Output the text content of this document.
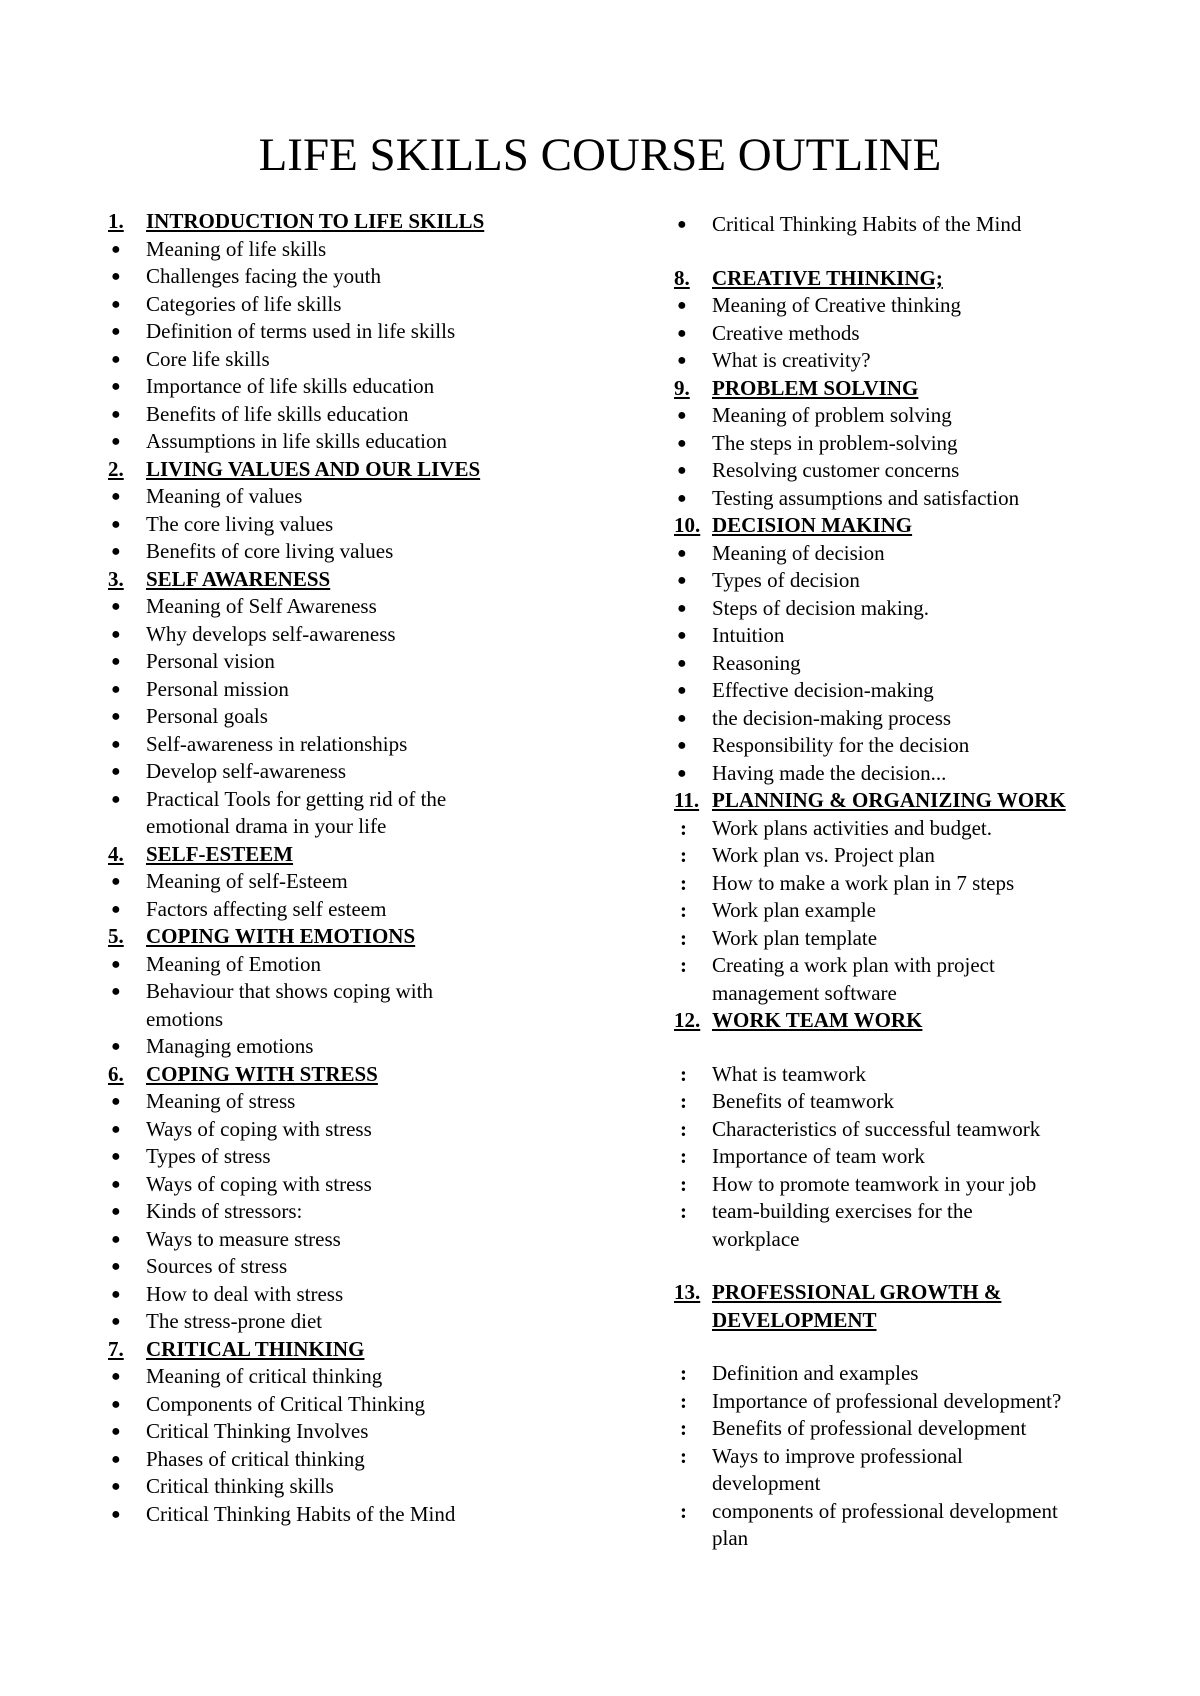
LIFE SKILLS COURSE OUTLINE
1. INTRODUCTION TO LIFE SKILLS
● Meaning of life skills
● Challenges facing the youth
● Categories of life skills
● Definition of terms used in life skills
● Core life skills
● Importance of life skills education
● Benefits of life skills education
● Assumptions in life skills education
2. LIVING VALUES AND OUR LIVES
● Meaning of values
● The core living values
● Benefits of core living values
3. SELF AWARENESS
● Meaning of Self Awareness
● Why develops self-awareness
● Personal vision
● Personal mission
● Personal goals
● Self-awareness in relationships
● Develop self-awareness
● Practical Tools for getting rid of the
emotional drama in your life
4. SELF-ESTEEM
● Meaning of self-Esteem
● Factors affecting self esteem
5. COPING WITH EMOTIONS
● Meaning of Emotion
● Behaviour that shows coping with
emotions
● Managing emotions
6. COPING WITH STRESS
● Meaning of stress
● Ways of coping with stress
● Types of stress
● Ways of coping with stress
● Kinds of stressors:
● Ways to measure stress
● Sources of stress
● How to deal with stress
● The stress-prone diet
7. CRITICAL THINKING
● Meaning of critical thinking
● Components of Critical Thinking
● Critical Thinking Involves
● Phases of critical thinking
● Critical thinking skills
● Critical Thinking Habits of the Mind
● Critical Thinking Habits of the Mind
8. CREATIVE THINKING;
● Meaning of Creative thinking
● Creative methods
● What is creativity?
9. PROBLEM SOLVING
● Meaning of problem solving
● The steps in problem-solving
● Resolving customer concerns
● Testing assumptions and satisfaction
10. DECISION MAKING
● Meaning of decision
● Types of decision
● Steps of decision making.
● Intuition
● Reasoning
● Effective decision-making
● the decision-making process
● Responsibility for the decision
● Having made the decision...
11. PLANNING & ORGANIZING WORK
: Work plans activities and budget.
: Work plan vs. Project plan
: How to make a work plan in 7 steps
: Work plan example
: Work plan template
: Creating a work plan with project
management software
12. WORK TEAM WORK
: What is teamwork
: Benefits of teamwork
: Characteristics of successful teamwork
: Importance of team work
: How to promote teamwork in your job
: team-building exercises for the
workplace
13. PROFESSIONAL GROWTH &
DEVELOPMENT
: Definition and examples
: Importance of professional development?
: Benefits of professional development
: Ways to improve professional
development
: components of professional development
plan
